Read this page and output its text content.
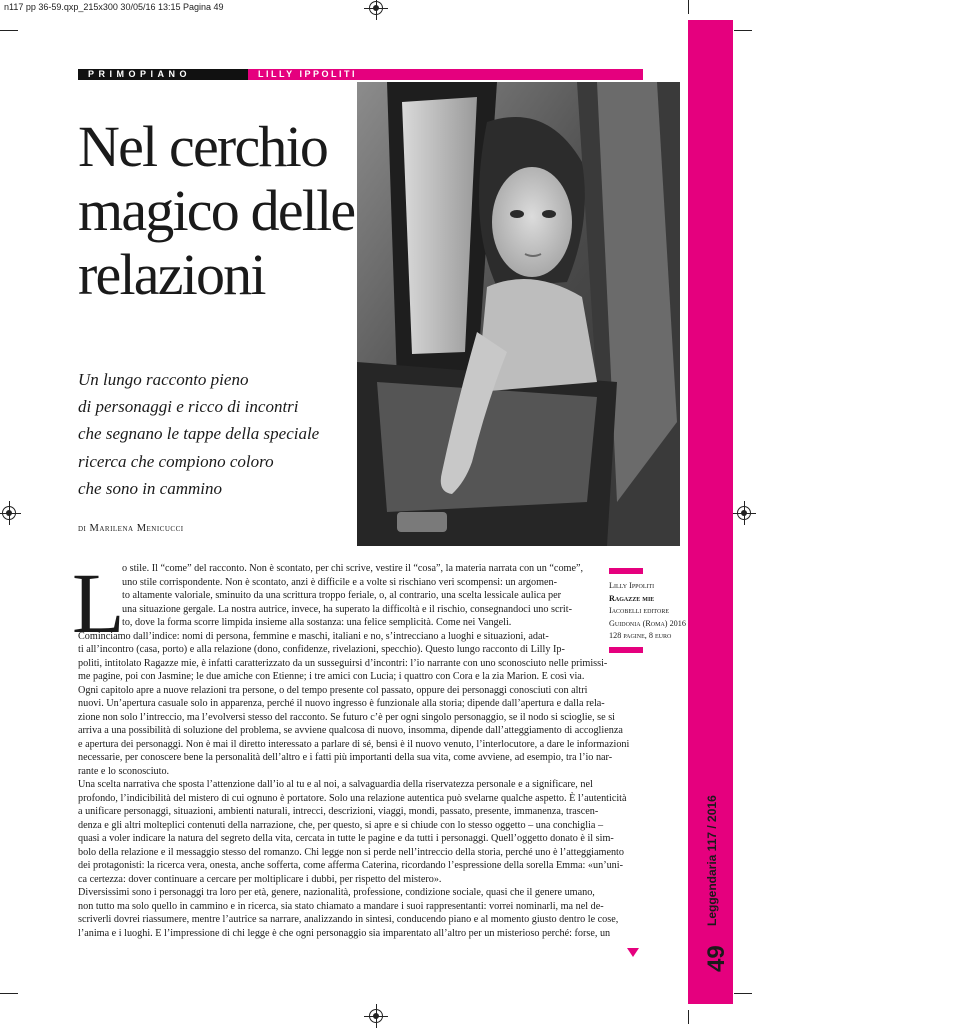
n117 pp 36-59.qxp_215x300 30/05/16 13:15 Pagina 49
Leggendaria 117 / 2016
49
PRIMOPIANO	LILLY IPPOLITI
© Shahryar Rafi Tari
Nel cerchio
magico delle
relazioni

Un lungo racconto pieno
di personaggi e ricco di incontri
che segnano le tappe della speciale
ricerca che compiono coloro
che sono in cammino

di Marilena Menicucci
L
o stile. Il “come” del racconto. Non è scontato, per chi scrive, vestire il “cosa”, la materia narrata con un “come”,
uno stile corrispondente. Non è scontato, anzi è difficile e a volte si rischiano veri scompensi: un argomen-
to altamente valoriale, sminuito da una scrittura troppo feriale, o, al contrario, una scelta lessicale aulica per
una situazione gergale. La nostra autrice, invece, ha superato la difficoltà e il rischio, consegnandoci uno scrit-
to, dove la forma scorre limpida insieme alla sostanza: una felice semplicità. Come nei Vangeli.
Cominciamo dall’indice: nomi di persona, femmine e maschi, italiani e no, s’intrecciano a luoghi e situazioni, adat-
ti all’incontro (casa, porto) e alla relazione (dono, confidenze, rivelazioni, specchio). Questo lungo racconto di Lilly Ip-
politi, intitolato Ragazze mie, è infatti caratterizzato da un susseguirsi d’incontri: l’io narrante con uno sconosciuto nelle primissi-
me pagine, poi con Jasmine; le due amiche con Etienne; i tre amici con Lucia; i quattro con Cora e la zia Marion. E così via.
Ogni capitolo apre a nuove relazioni tra persone, o del tempo presente col passato, oppure dei personaggi conosciuti con altri
nuovi. Un’apertura casuale solo in apparenza, perché il nuovo ingresso è funzionale alla storia; dipende dall’apertura e dalla rela-
zione non solo l’intreccio, ma l’evolversi stesso del racconto. Se futuro c’è per ogni singolo personaggio, se il nodo si scioglie, se si
arriva a una possibilità di soluzione del problema, se avviene qualcosa di nuovo, insomma, dipende dall’atteggiamento di accoglienza
e apertura dei personaggi. Non è mai il diretto interessato a parlare di sé, bensì è il nuovo venuto, l’interlocutore, a dare le informazioni
necessarie, per conoscere bene la personalità dell’altro e i fatti più importanti della sua vita, come avviene, ad esempio, tra l’io nar-
rante e lo sconosciuto.
Una scelta narrativa che sposta l’attenzione dall’io al tu e al noi, a salvaguardia della riservatezza personale e a significare, nel
profondo, l’indicibilità del mistero di cui ognuno è portatore. Solo una relazione autentica può svelarne qualche aspetto. È l’autenticità
a unificare personaggi, situazioni, ambienti naturali, intrecci, descrizioni, viaggi, mondi, passato, presente, immanenza, trascen-
denza e gli altri molteplici contenuti della narrazione, che, per questo, si apre e si chiude con lo stesso oggetto – una conchiglia –
quasi a voler indicare la natura del segreto della vita, cercata in tutte le pagine e da tutti i personaggi. Quell’oggetto donato è il sim-
bolo della relazione e il messaggio stesso del romanzo. Chi legge non si perde nell’intreccio della storia, perché uno è l’atteggiamento
dei protagonisti: la ricerca vera, onesta, anche sofferta, come afferma Caterina, ricordando l’espressione della sorella Emma: «un’uni-
ca certezza: dover continuare a cercare per moltiplicare i dubbi, per rispetto del mistero».
Diversissimi sono i personaggi tra loro per età, genere, nazionalità, professione, condizione sociale, quasi che il genere umano,
non tutto ma solo quello in cammino e in ricerca, sia stato chiamato a mandare i suoi rappresentanti: vorrei nominarli, ma nel de-
scriverli dovrei riassumere, mentre l’autrice sa narrare, analizzando in sintesi, conducendo piano e al momento giusto dentro le cose,
l’anima e i luoghi. E l’impressione di chi legge è che ogni personaggio sia imparentato all’altro per un misterioso perché: forse, un
Lilly Ippoliti
Ragazze mie
Iacobelli editore
Guidonia (Roma) 2016
128 pagine, 8 euro
